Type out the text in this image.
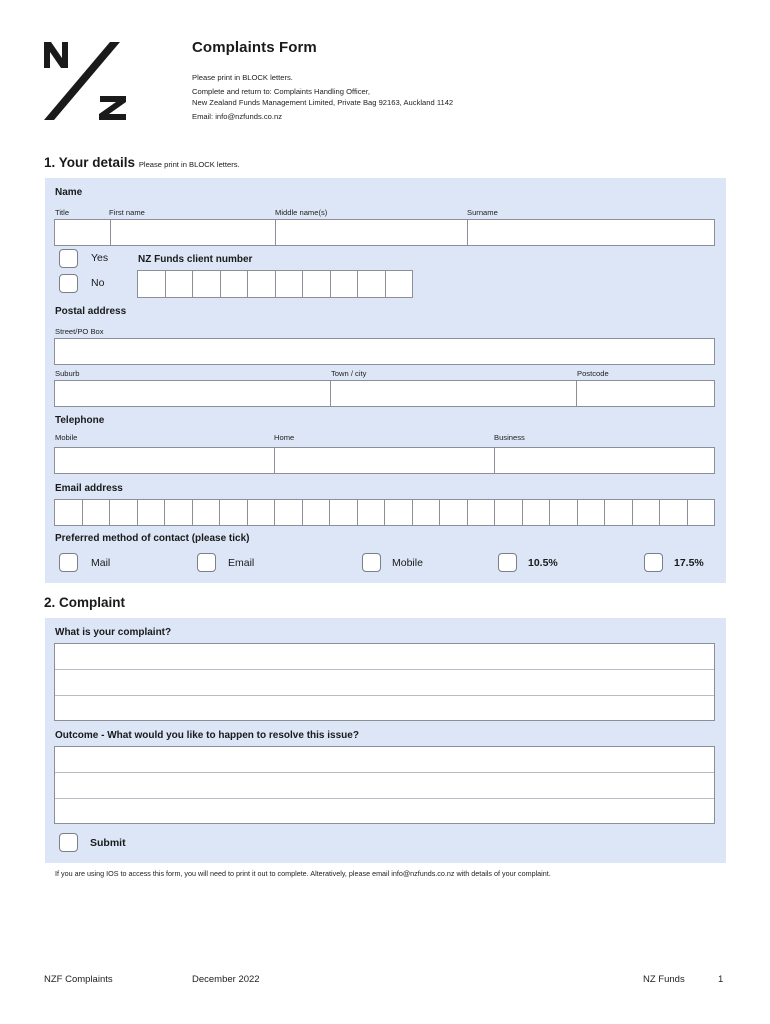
Complaints Form
Please print in BLOCK letters.
Complete and return to: Complaints Handling Officer,
New Zealand Funds Management Limited, Private Bag 92163, Auckland 1142
Email: info@nzfunds.co.nz
1. Your details Please print in BLOCK letters.
Name
Title	First name	Middle name(s)	Surname
Yes
No
NZ Funds client number
Postal address
Street/PO Box
Suburb	Town / city	Postcode
Telephone
Mobile	Home	Business
Email address
Preferred method of contact (please tick)
Mail	Email	Mobile	10.5%	17.5%
2. Complaint
What is your complaint?
Outcome - What would you like to happen to resolve this issue?
Submit
If you are using IOS to access this form, you will need to print it out to complete. Alteratively, please email info@nzfunds.co.nz with details of your complaint.
NZF Complaints	December 2022	NZ Funds	1
